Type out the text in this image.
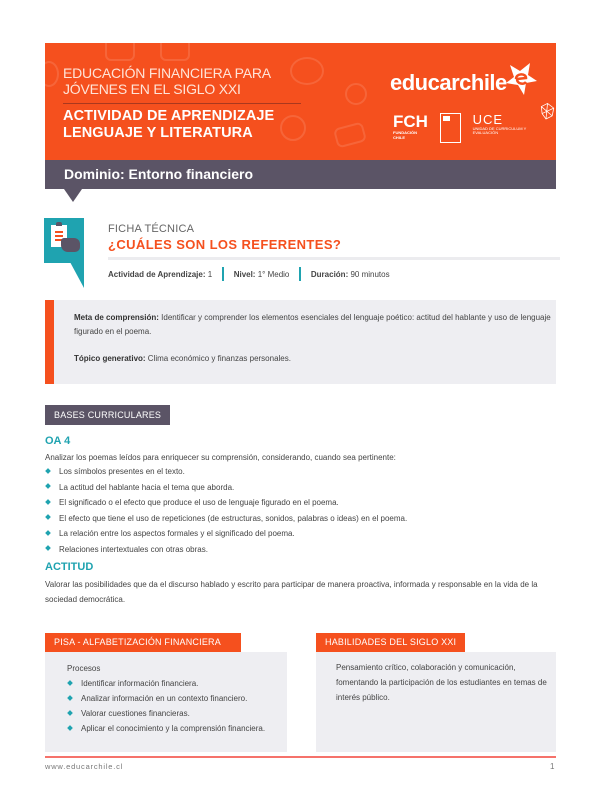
EDUCACIÓN FINANCIERA PARA JÓVENES EN EL SIGLO XXI
ACTIVIDAD DE APRENDIZAJE
LENGUAJE Y LITERATURA
educarchile
FCH
FUNDACIÓN CHILE
UCE
UNIDAD DE CURRICULUM Y EVALUACIÓN
Dominio: Entorno financiero
FICHA TÉCNICA
¿CUÁLES SON LOS REFERENTES?
Actividad de Aprendizaje: 1	Nivel: 1° Medio	Duración: 90 minutos

Meta de comprensión: Identificar y comprender los elementos esenciales del lenguaje poético: actitud del hablante y uso de lenguaje figurado en el poema.

Tópico generativo: Clima económico y finanzas personales.

BASES CURRICULARES
OA 4
Analizar los poemas leídos para enriquecer su comprensión, considerando, cuando sea pertinente:
Los símbolos presentes en el texto.
La actitud del hablante hacia el tema que aborda.
El significado o el efecto que produce el uso de lenguaje figurado en el poema.
El efecto que tiene el uso de repeticiones (de estructuras, sonidos, palabras o ideas) en el poema.
La relación entre los aspectos formales y el significado del poema.
Relaciones intertextuales con otras obras.
ACTITUD
Valorar las posibilidades que da el discurso hablado y escrito para participar de manera proactiva, informada y responsable en la vida de la sociedad democrática.
PISA - ALFABETIZACIÓN FINANCIERA
Procesos
Identificar información financiera.
Analizar información en un contexto financiero.
Valorar cuestiones financieras.
Aplicar el conocimiento y la comprensión financiera.
HABILIDADES DEL SIGLO XXI

Pensamiento crítico, colaboración y comunicación, fomentando la participación de los estudiantes en temas de interés público.

www.educarchile.cl	1
